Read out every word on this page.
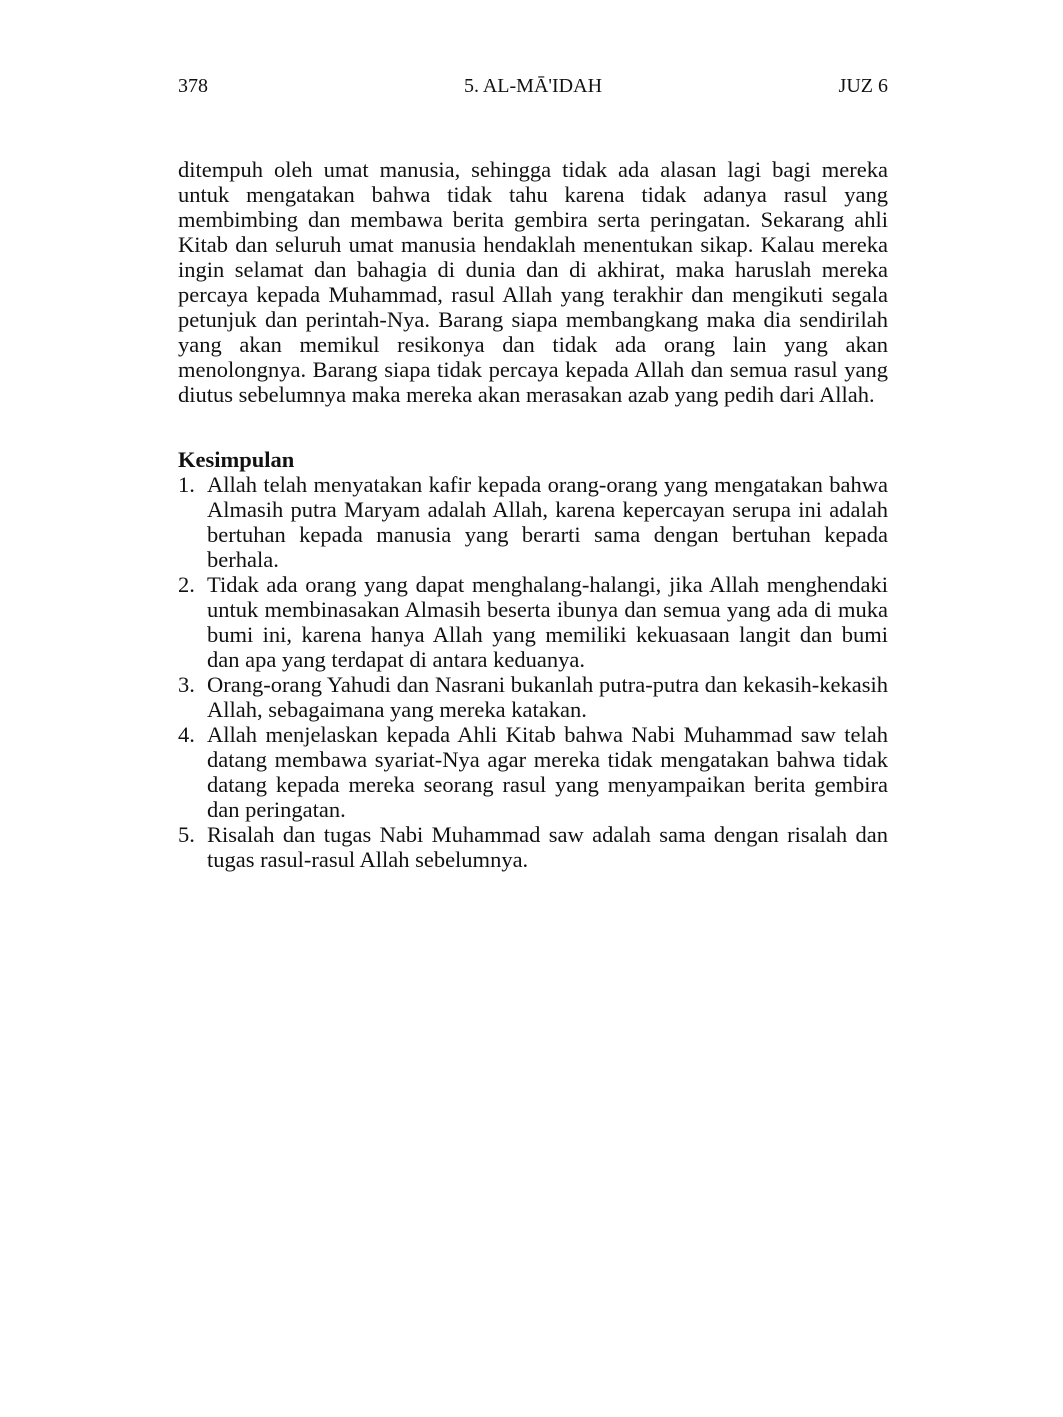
378	5. AL-MĀ'IDAH	JUZ 6

ditempuh oleh umat manusia, sehingga tidak ada alasan lagi bagi mereka untuk mengatakan bahwa tidak tahu karena tidak adanya rasul yang membimbing dan membawa berita gembira serta peringatan. Sekarang ahli Kitab dan seluruh umat manusia hendaklah menentukan sikap. Kalau mereka ingin selamat dan bahagia di dunia dan di akhirat, maka haruslah mereka percaya kepada Muhammad, rasul Allah yang terakhir dan mengikuti segala petunjuk dan perintah-Nya. Barang siapa membangkang maka dia sendirilah yang akan memikul resikonya dan tidak ada orang lain yang akan menolongnya. Barang siapa tidak percaya kepada Allah dan semua rasul yang diutus sebelumnya maka mereka akan merasakan azab yang pedih dari Allah.

Kesimpulan
1. Allah telah menyatakan kafir kepada orang-orang yang mengatakan bahwa Almasih putra Maryam adalah Allah, karena kepercayan serupa ini adalah bertuhan kepada manusia yang berarti sama dengan bertuhan kepada berhala.
2. Tidak ada orang yang dapat menghalang-halangi, jika Allah menghendaki untuk membinasakan Almasih beserta ibunya dan semua yang ada di muka bumi ini, karena hanya Allah yang memiliki kekuasaan langit dan bumi dan apa yang terdapat di antara keduanya.
3. Orang-orang Yahudi dan Nasrani bukanlah putra-putra dan kekasih-kekasih Allah, sebagaimana yang mereka katakan.
4. Allah menjelaskan kepada Ahli Kitab bahwa Nabi Muhammad saw telah datang membawa syariat-Nya agar mereka tidak mengatakan bahwa tidak datang kepada mereka seorang rasul yang menyampaikan berita gembira dan peringatan.
5. Risalah dan tugas Nabi Muhammad saw adalah sama dengan risalah dan tugas rasul-rasul Allah sebelumnya.
